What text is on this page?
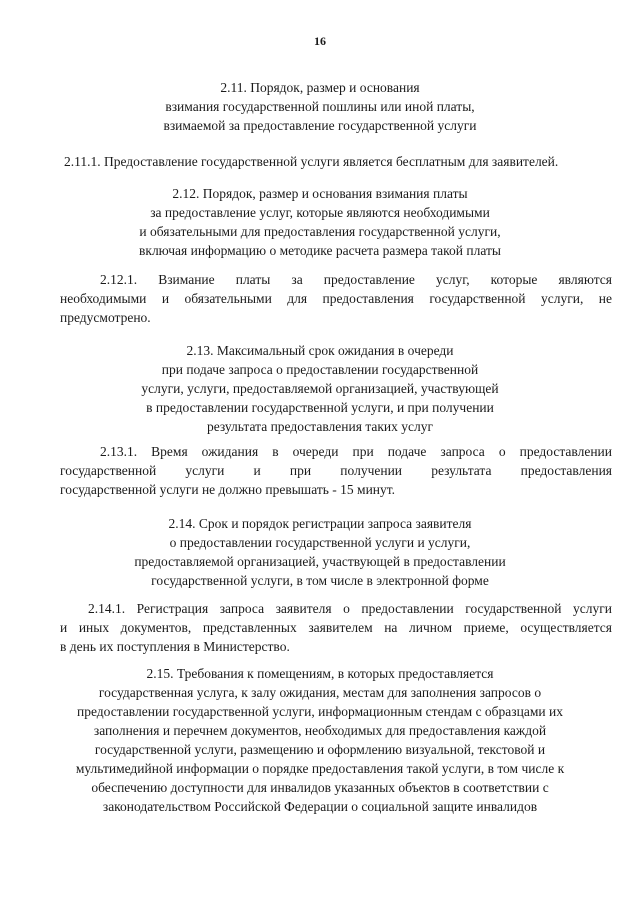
16
2.11. Порядок, размер и основания
взимания государственной пошлины или иной платы,
взимаемой за предоставление государственной услуги
2.11.1. Предоставление государственной услуги является бесплатным для заявителей.
2.12. Порядок, размер и основания взимания платы
за предоставление услуг, которые являются необходимыми
и обязательными для предоставления государственной услуги,
включая информацию о методике расчета размера такой платы
2.12.1. Взимание платы за предоставление услуг, которые являются
необходимыми и обязательными для предоставления государственной услуги, не
предусмотрено.
2.13. Максимальный срок ожидания в очереди
при подаче запроса о предоставлении государственной
услуги, услуги, предоставляемой организацией, участвующей
в предоставлении государственной услуги, и при получении
результата предоставления таких услуг
2.13.1. Время ожидания в очереди при подаче запроса о предоставлении
государственной услуги и при получении результата предоставления
государственной услуги не должно превышать - 15 минут.
2.14. Срок и порядок регистрации запроса заявителя
о предоставлении государственной услуги и услуги,
предоставляемой организацией, участвующей в предоставлении
государственной услуги, в том числе в электронной форме
2.14.1. Регистрация запроса заявителя о предоставлении государственной услуги
и иных документов, представленных заявителем на личном приеме, осуществляется
в день их поступления в Министерство.
2.15. Требования к помещениям, в которых предоставляется
государственная услуга, к залу ожидания, местам для заполнения запросов о
предоставлении государственной услуги, информационным стендам с образцами их
заполнения и перечнем документов, необходимых для предоставления каждой
государственной услуги, размещению и оформлению визуальной, текстовой и
мультимедийной информации о порядке предоставления такой услуги, в том числе к
обеспечению доступности для инвалидов указанных объектов в соответствии с
законодательством Российской Федерации о социальной защите инвалидов
